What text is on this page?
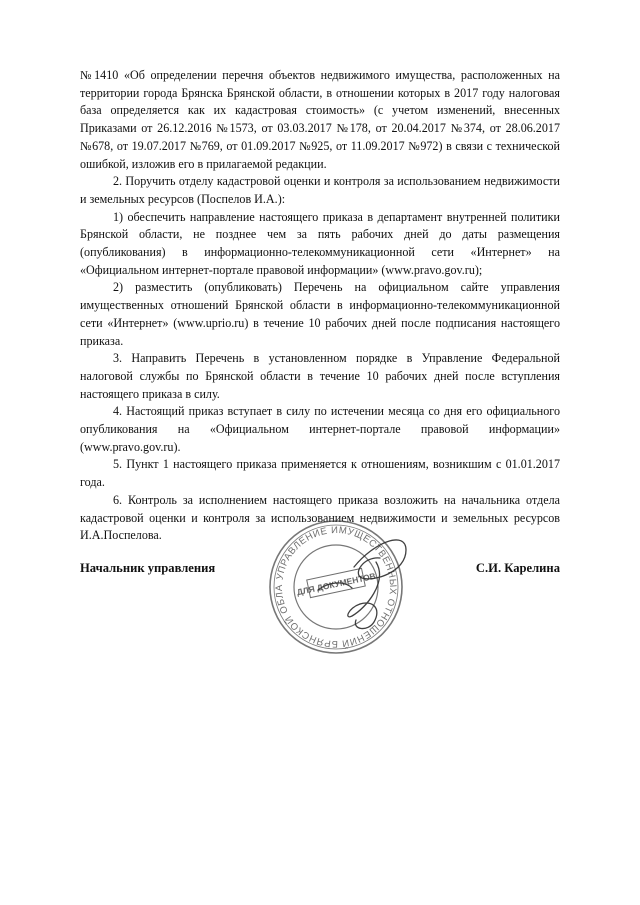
№1410 «Об определении перечня объектов недвижимого имущества, расположенных на территории города Брянска Брянской области, в отношении которых в 2017 году налоговая база определяется как их кадастровая стоимость» (с учетом изменений, внесенных Приказами от 26.12.2016 №1573, от 03.03.2017 №178, от 20.04.2017 №374, от 28.06.2017 №678, от 19.07.2017 №769, от 01.09.2017 №925, от 11.09.2017 №972) в связи с технической ошибкой, изложив его в прилагаемой редакции.

2. Поручить отделу кадастровой оценки и контроля за использованием недвижимости и земельных ресурсов (Поспелов И.А.):

1) обеспечить направление настоящего приказа в департамент внутренней политики Брянской области, не позднее чем за пять рабочих дней до даты размещения (опубликования) в информационно-телекоммуникационной сети «Интернет» на «Официальном интернет-портале правовой информации» (www.pravo.gov.ru);

2) разместить (опубликовать) Перечень на официальном сайте управления имущественных отношений Брянской области в информационно-телекоммуникационной сети «Интернет» (www.uprio.ru) в течение 10 рабочих дней после подписания настоящего приказа.

3. Направить Перечень в установленном порядке в Управление Федеральной налоговой службы по Брянской области в течение 10 рабочих дней после вступления настоящего приказа в силу.

4. Настоящий приказ вступает в силу по истечении месяца со дня его официального опубликования на «Официальном интернет-портале правовой информации» (www.pravo.gov.ru).

5. Пункт 1 настоящего приказа применяется к отношениям, возникшим с 01.01.2017 года.

6. Контроль за исполнением настоящего приказа возложить на начальника отдела кадастровой оценки и контроля за использованием недвижимости и земельных ресурсов И.А.Поспелова.

Начальник управления	С.И. Карелина
УПРАВЛЕНИЕ ИМУЩЕСТВЕННЫХ ОТНОШЕНИЙ БРЯНСКОЙ ОБЛА	ДЛЯ ДОКУМЕНТОВ
